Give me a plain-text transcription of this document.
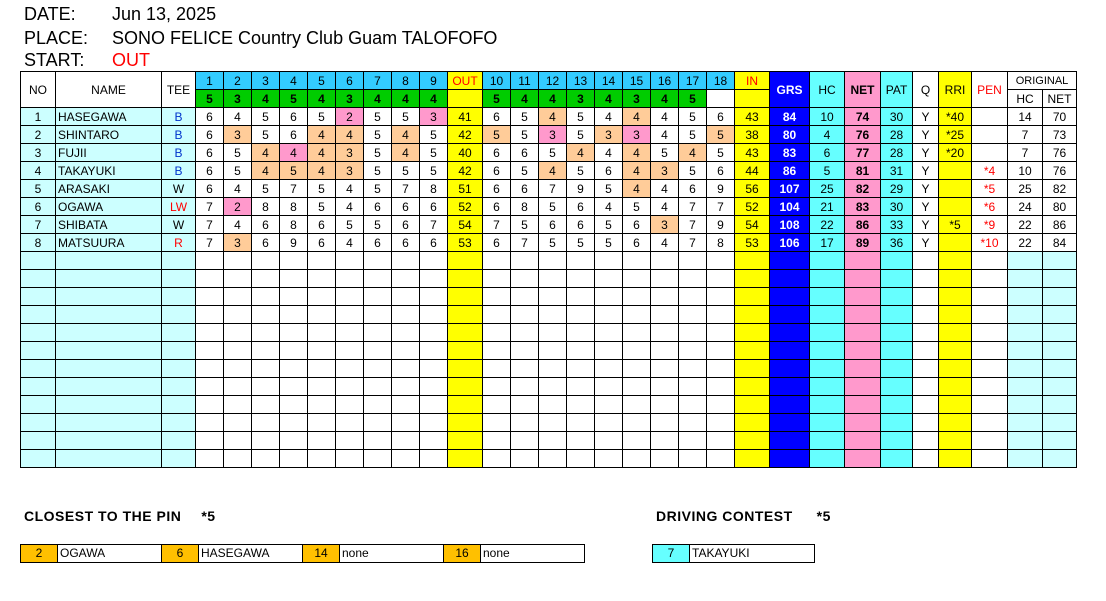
DATE: Jun 13, 2025
PLACE: SONO FELICE Country Club Guam TALOFOFO
START: OUT
NO	NAME	TEE	1	2	3	4	5	6	7	8	9	OUT	10	11	12	13	14	15	16	17	18	IN	GRS	HC	NET	PAT	Q	RRI	PEN	ORIGINAL	
			5	3	4	5	4	3	4	4	4		5	4	4	3	4	3	4	5										HC	NET
1	HASEGAWA	B	6	4	5	6	5	2	5	5	3	41	6	5	4	5	4	4	4	5	6	43	84	10	74	30	Y	*40		14	70
2	SHINTARO	B	6	3	5	6	4	4	5	4	5	42	5	5	3	5	3	3	4	5	5	38	80	4	76	28	Y	*25		7	73
3	FUJII	B	6	5	4	4	4	3	5	4	5	40	6	6	5	4	4	4	5	4	5	43	83	6	77	28	Y	*20		7	76
4	TAKAYUKI	B	6	5	4	5	4	3	5	5	5	42	6	5	4	5	6	4	3	5	6	44	86	5	81	31	Y		*4	10	76
5	ARASAKI	W	6	4	5	7	5	4	5	7	8	51	6	6	7	9	5	4	4	6	9	56	107	25	82	29	Y		*5	25	82
6	OGAWA	LW	7	2	8	8	5	4	6	6	6	52	6	8	5	6	4	5	4	7	7	52	104	21	83	30	Y		*6	24	80
7	SHIBATA	W	7	4	6	8	6	5	5	6	7	54	7	5	6	6	5	6	3	7	9	54	108	22	86	33	Y	*5	*9	22	86
8	MATSUURA	R	7	3	6	9	6	4	6	6	6	53	6	7	5	5	5	6	4	7	8	53	106	17	89	36	Y		*10	22	84

CLOSEST TO THE PIN *5	DRIVING CONTEST *5
2	OGAWA	6	HASEGAWA	14	none	16	none	7	TAKAYUKI
